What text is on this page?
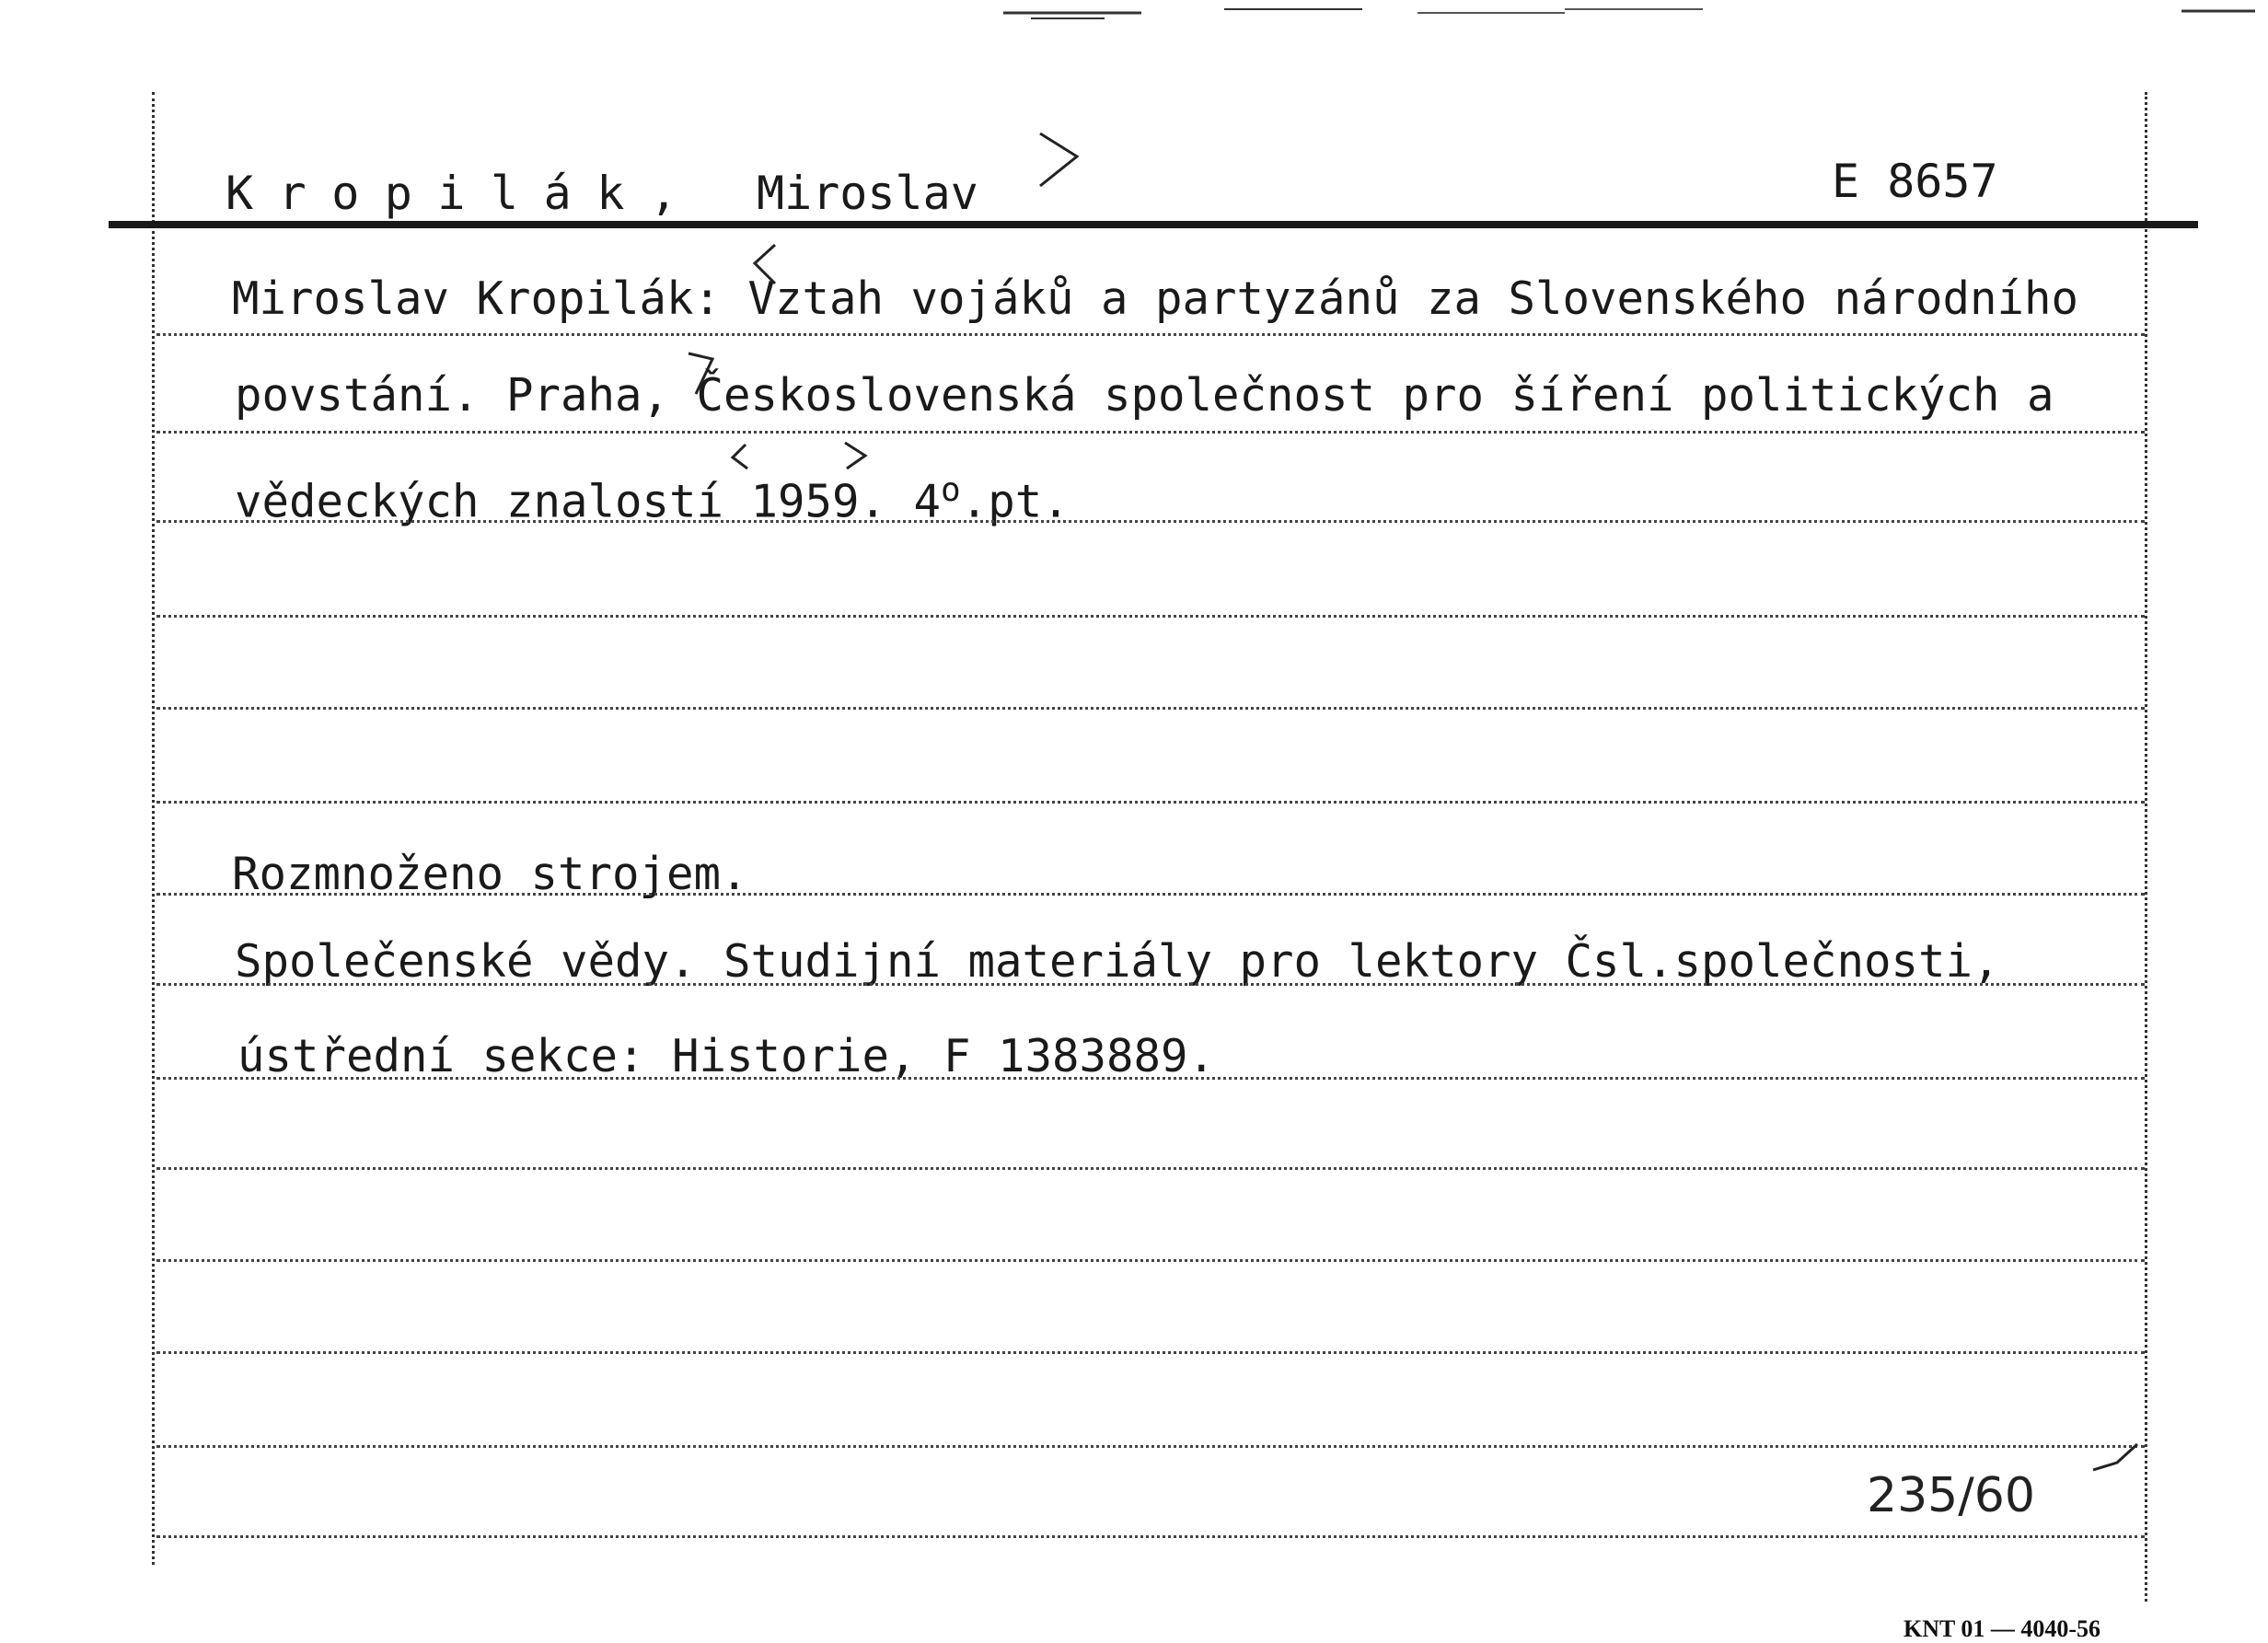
Kropilák, Miroslav	E 8657
Miroslav Kropilák: Vztah vojáků a partyzánů za Slovenského národního
povstání. Praha, Československá společnost pro šíření politických a
vědeckých znalostí 1959. 4$^o$.pt.
Rozmnoženo strojem.
Společenské vědy. Studijní materiály pro lektory Čsl.společnosti,
ústřední sekce: Historie, F 1383889.
235/60
KNT 01 — 4040-56
